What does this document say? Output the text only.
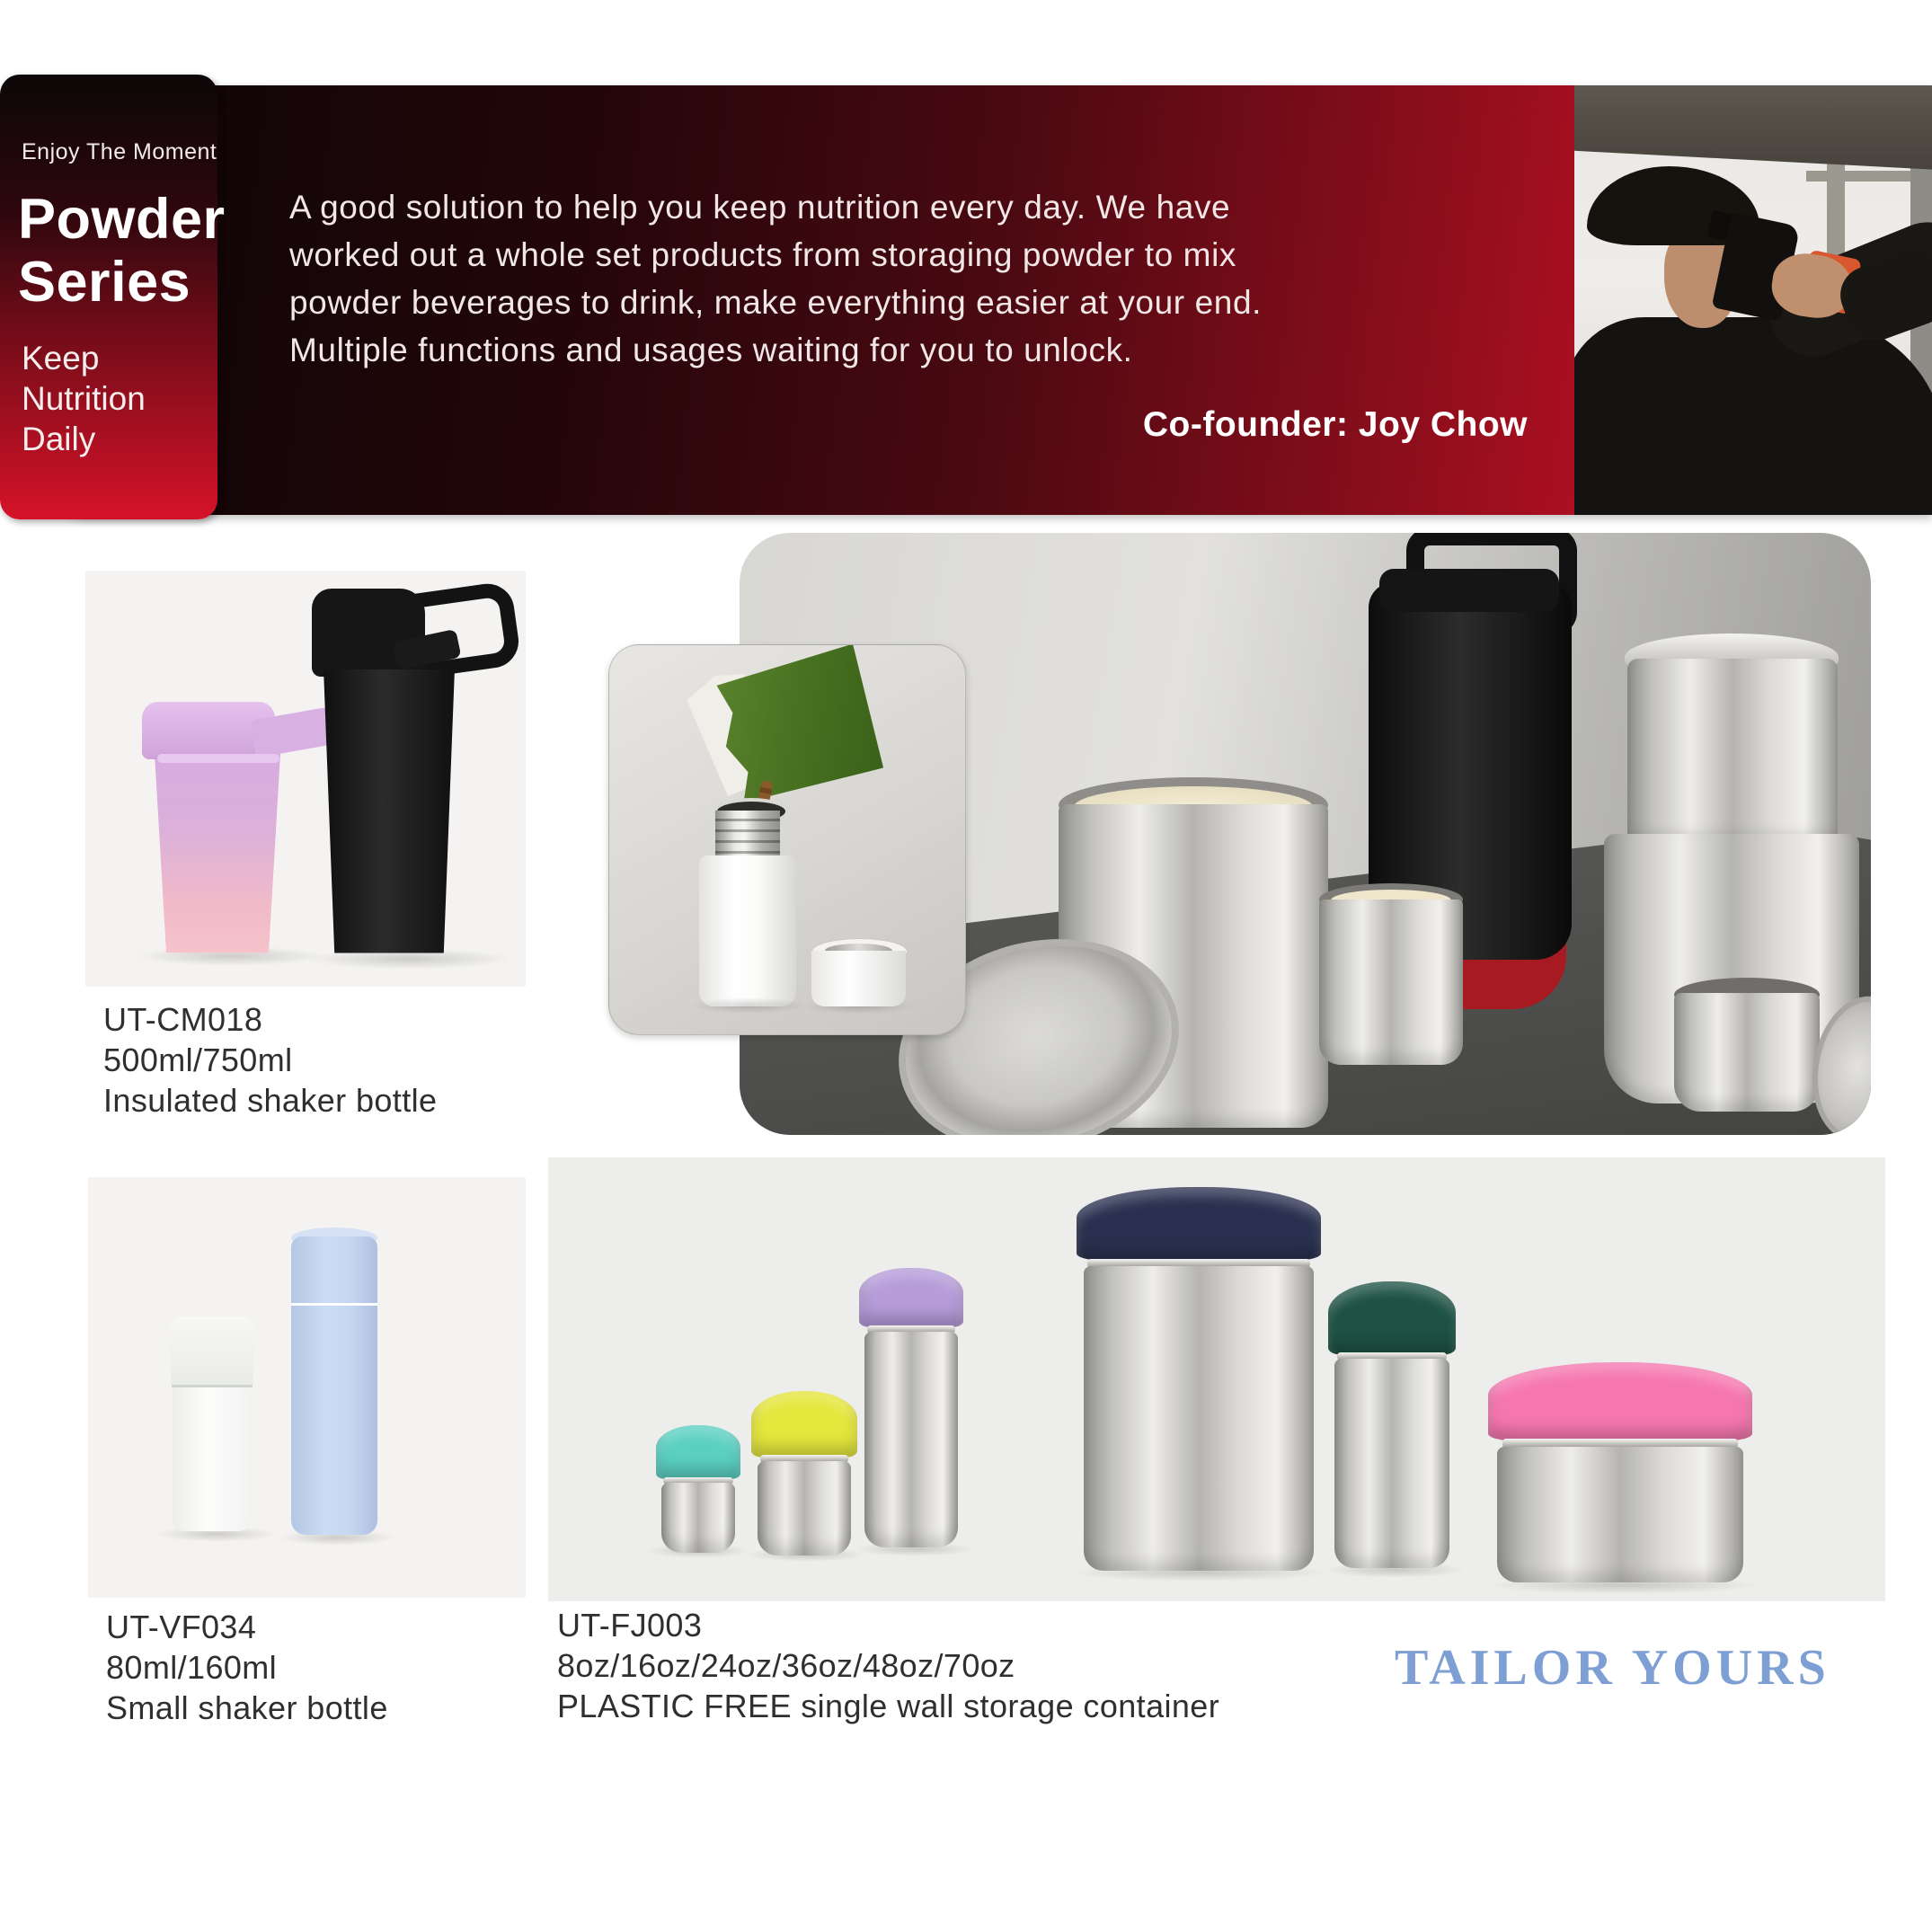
A good solution to help you keep nutrition every day. We have
worked out a whole set products from storaging powder to mix
powder beverages to drink, make everything easier at your end.
Multiple functions and usages waiting for you to unlock.
Co-founder: Joy Chow
Enjoy The Moment
Powder
Series
Keep
Nutrition
Daily
UT-CM018
500ml/750ml
Insulated shaker bottle
UT-VF034
80ml/160ml
Small shaker bottle
UT-FJ003
8oz/16oz/24oz/36oz/48oz/70oz
PLASTIC FREE single wall storage container
TAILOR YOURS
